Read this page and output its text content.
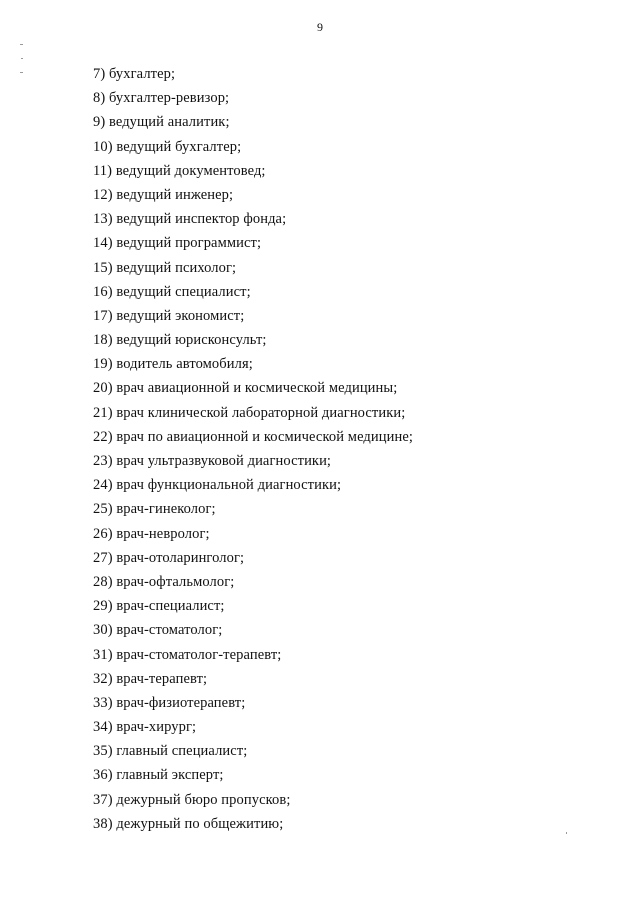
9
7) бухгалтер;
8) бухгалтер-ревизор;
9) ведущий аналитик;
10) ведущий бухгалтер;
11) ведущий документовед;
12) ведущий инженер;
13) ведущий инспектор фонда;
14) ведущий программист;
15) ведущий психолог;
16) ведущий специалист;
17) ведущий экономист;
18) ведущий юрисконсульт;
19) водитель автомобиля;
20) врач авиационной и космической медицины;
21) врач клинической лабораторной диагностики;
22) врач по авиационной и космической медицине;
23) врач ультразвуковой диагностики;
24) врач функциональной диагностики;
25) врач-гинеколог;
26) врач-невролог;
27) врач-отоларинголог;
28) врач-офтальмолог;
29) врач-специалист;
30) врач-стоматолог;
31) врач-стоматолог-терапевт;
32) врач-терапевт;
33) врач-физиотерапевт;
34) врач-хирург;
35) главный специалист;
36) главный эксперт;
37) дежурный бюро пропусков;
38) дежурный по общежитию;
